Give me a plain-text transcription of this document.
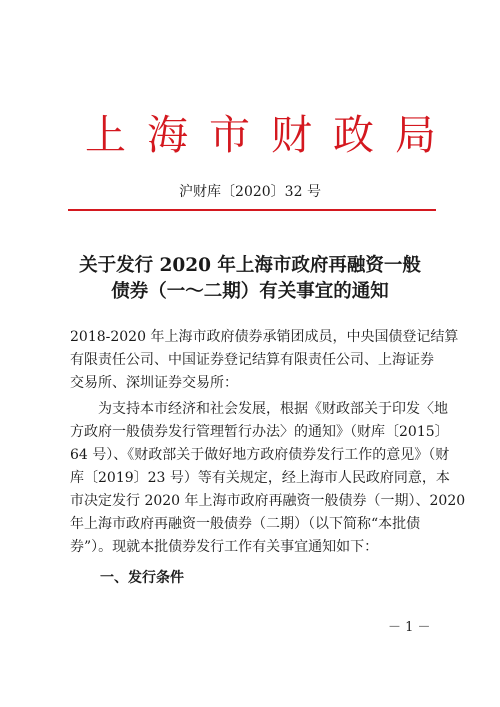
上海市财政局
沪财库〔2020〕32 号
关于发行 2020 年上海市政府再融资一般
债券（一～二期）有关事宜的通知
2018-2020 年上海市政府债券承销团成员，中央国债登记结算
有限责任公司、中国证券登记结算有限责任公司、上海证券
交易所、深圳证券交易所：
　　为支持本市经济和社会发展，根据《财政部关于印发〈地
方政府一般债券发行管理暂行办法〉的通知》（财库〔2015〕
64 号）、《财政部关于做好地方政府债券发行工作的意见》（财
库〔2019〕23 号）等有关规定，经上海市人民政府同意，本
市决定发行 2020 年上海市政府再融资一般债券（一期）、2020
年上海市政府再融资一般债券（二期）（以下简称“本批债
券”）。现就本批债券发行工作有关事宜通知如下：
一、发行条件
－ 1 －
